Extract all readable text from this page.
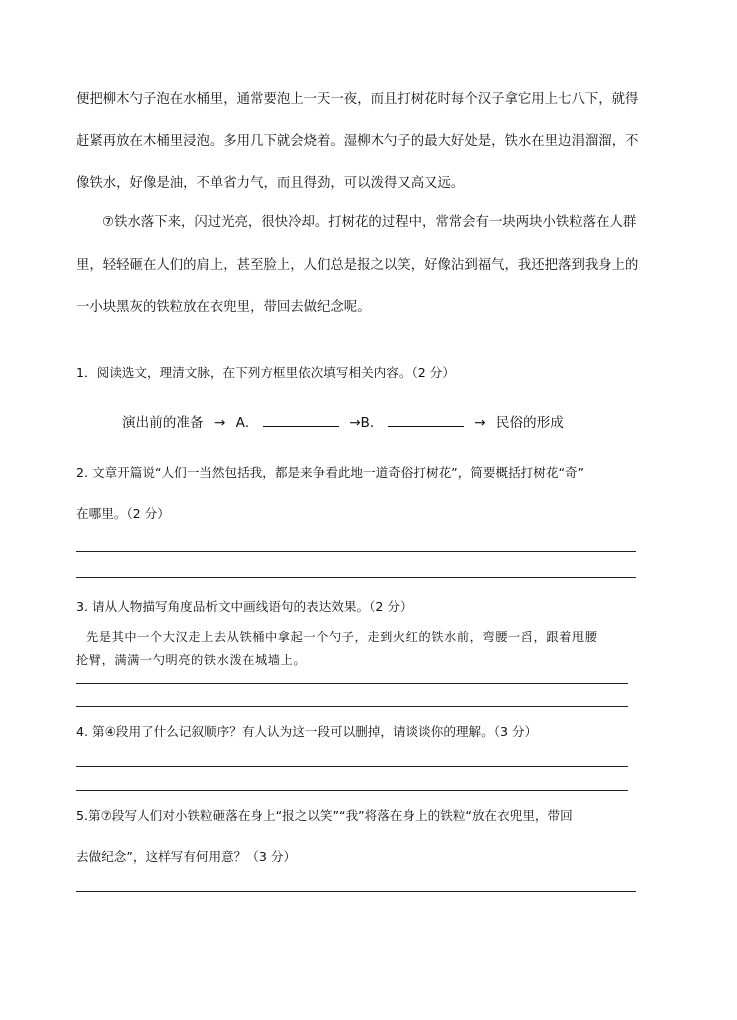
便把柳木勺子泡在水桶里，通常要泡上一天一夜，而且打树花时每个汉子拿它用上七八下，就得
赶紧再放在木桶里浸泡。多用几下就会烧着。湿柳木勺子的最大好处是，铁水在里边涓溜溜，不
像铁水，好像是油，不单省力气，而且得劲，可以泼得又高又远。
⑦铁水落下来，闪过光亮，很快冷却。打树花的过程中，常常会有一块两块小铁粒落在人群
里，轻轻砸在人们的肩上，甚至脸上，人们总是报之以笑，好像沾到福气，我还把落到我身上的
一小块黑灰的铁粒放在衣兜里，带回去做纪念呢。
1．阅读选文，理清文脉，在下列方框里依次填写相关内容。（2 分）
演出前的准备 → A．	→B．	→ 民俗的形成
2. 文章开篇说“人们一当然包括我，都是来争看此地一道奇俗打树花”，简要概括打树花“奇”
在哪里。（2 分）
3. 请从人物描写角度品析文中画线语句的表达效果。（2 分）
先是其中一个大汉走上去从铁桶中拿起一个勺子，走到火红的铁水前，弯腰一舀，跟着甩腰
抡臂，满满一勺明亮的铁水泼在城墙上。
4. 第④段用了什么记叙顺序？有人认为这一段可以删掉，请谈谈你的理解。（3 分）
5.第⑦段写人们对小铁粒砸落在身上“报之以笑”“我”将落在身上的铁粒“放在衣兜里，带回
去做纪念”，这样写有何用意？（3 分）
